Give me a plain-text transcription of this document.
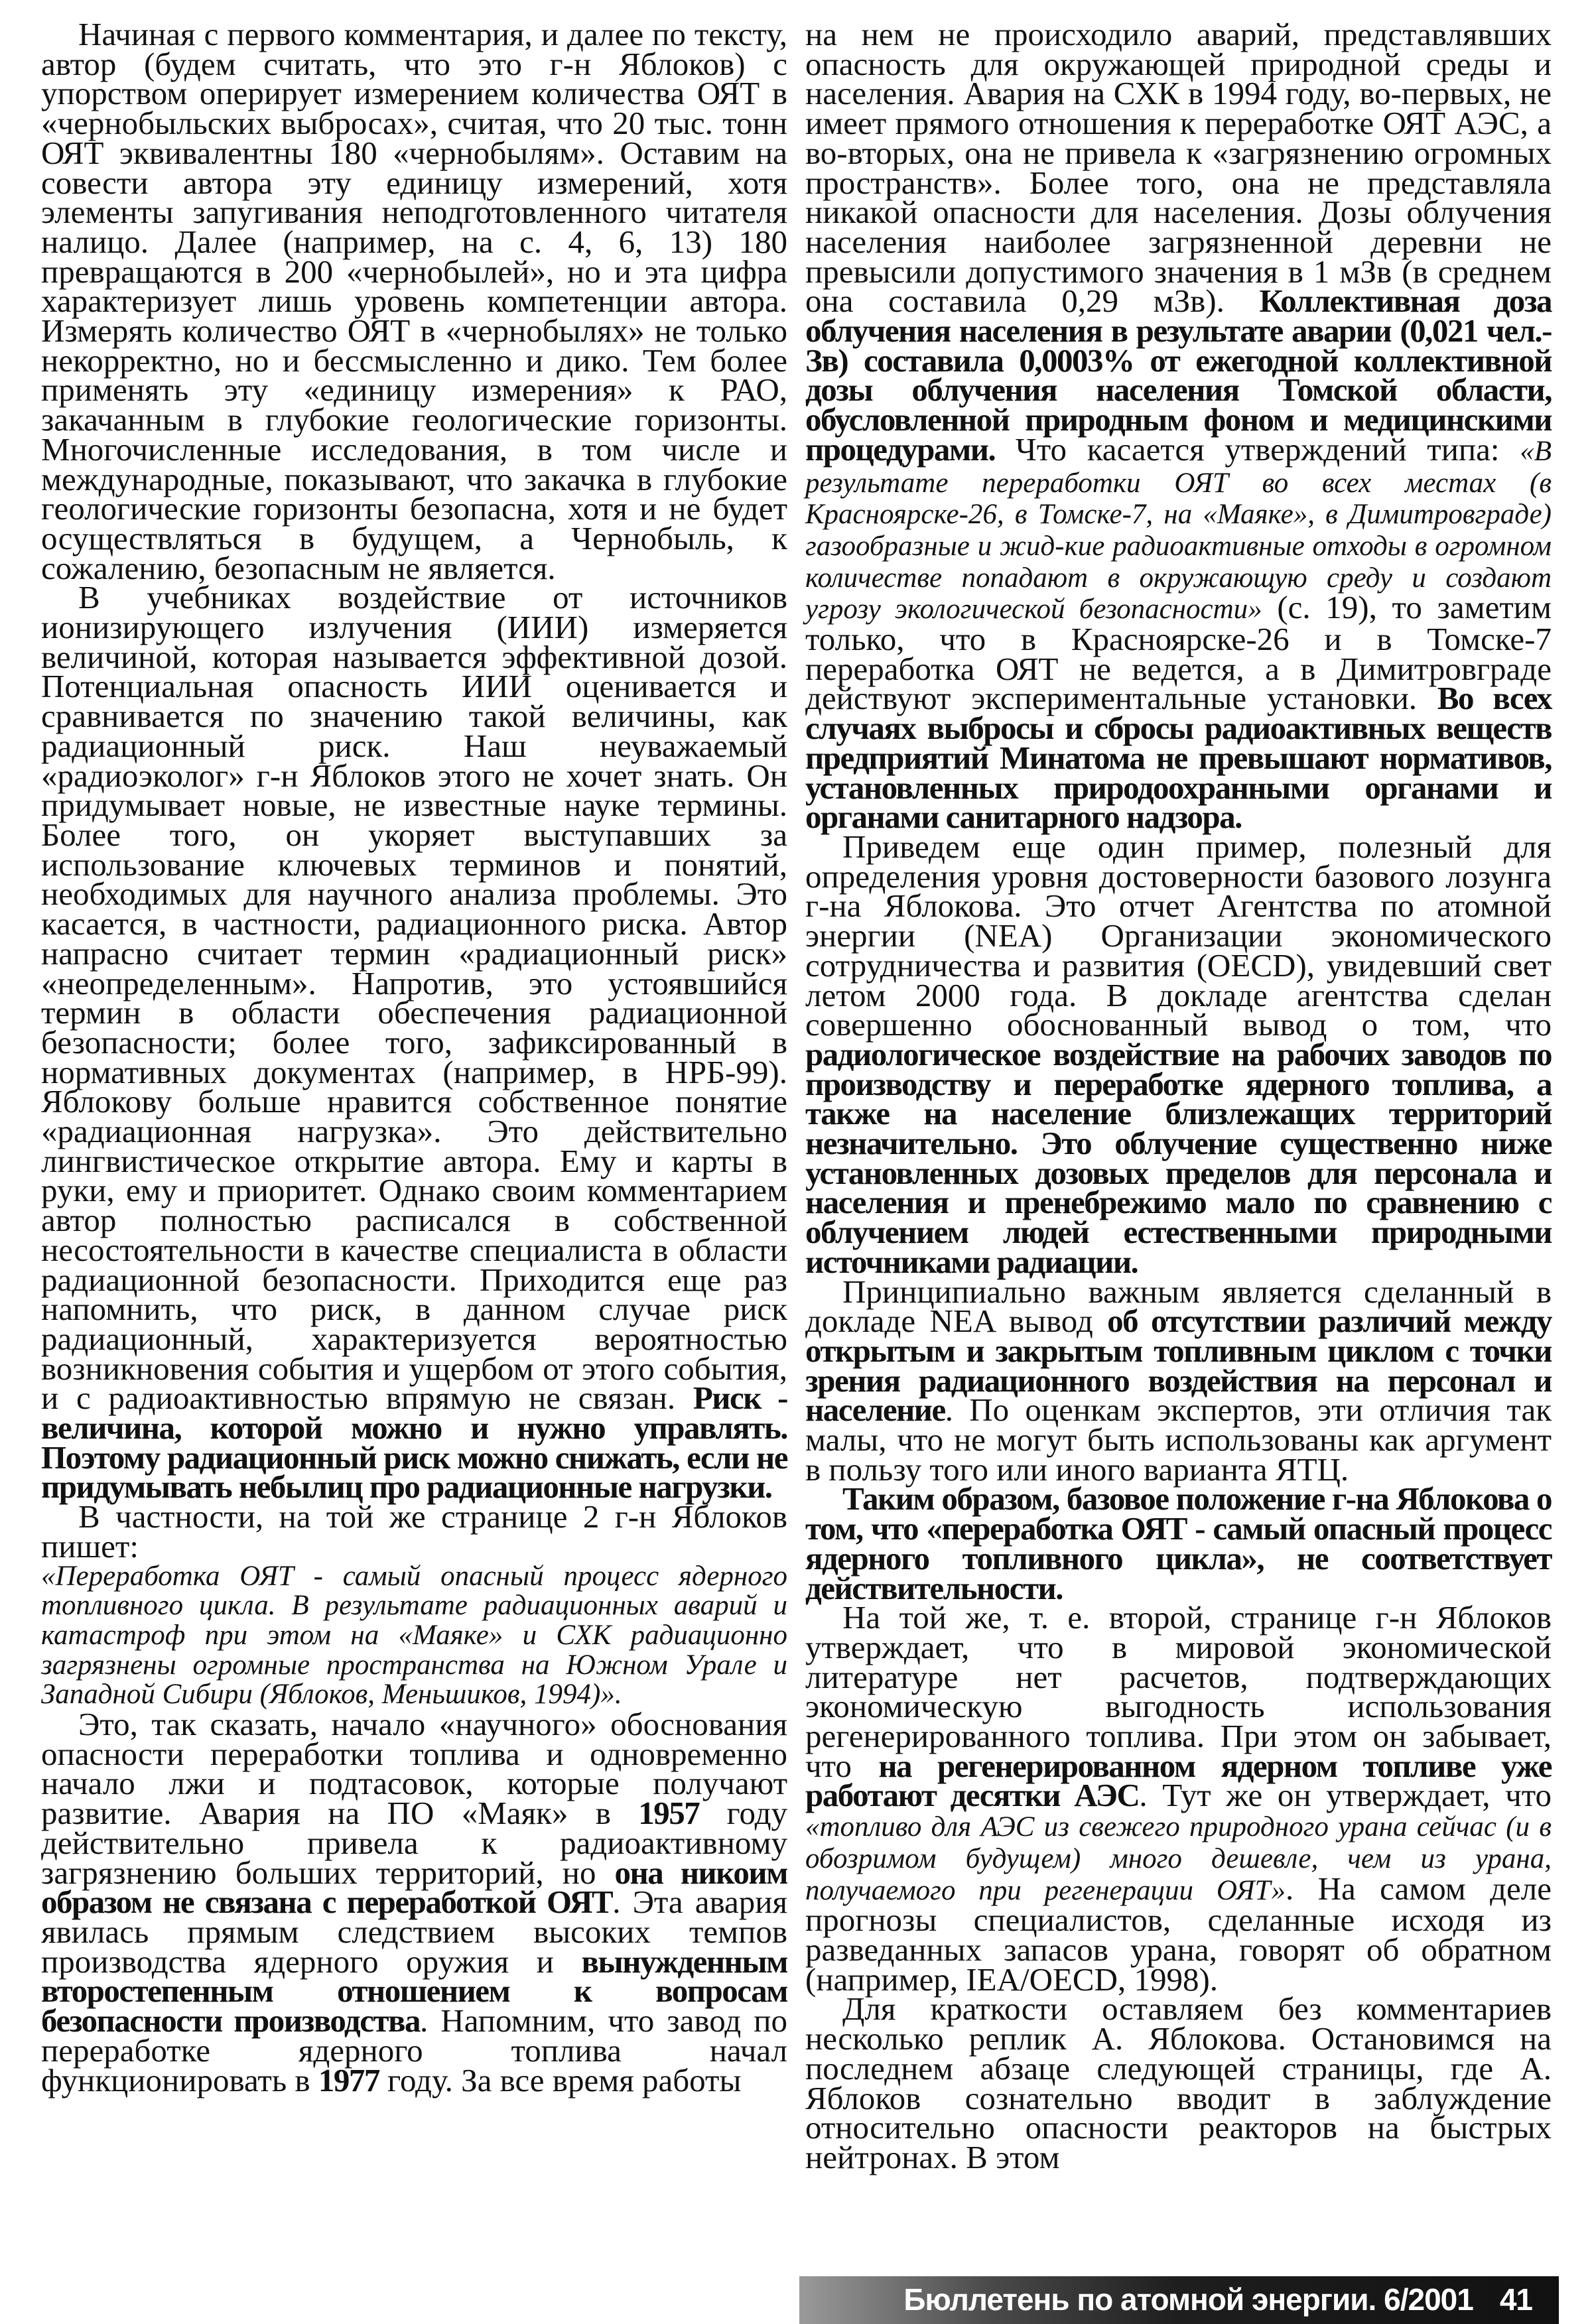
Начиная с первого комментария, и далее по тексту, автор (будем считать, что это г-н Яблоков) с упорством оперирует измерением количества ОЯТ в «чернобыльских выбросах», считая, что 20 тыс. тонн ОЯТ эквивалентны 180 «чернобылям». Оставим на совести автора эту единицу измерений, хотя элементы запугивания неподготовленного читателя налицо. Далее (например, на с. 4, 6, 13) 180 превращаются в 200 «чернобылей», но и эта цифра характеризует лишь уровень компетенции автора. Измерять количество ОЯТ в «чернобылях» не только некорректно, но и бессмысленно и дико. Тем более применять эту «единицу измерения» к РАО, закачанным в глубокие геологические горизонты. Многочисленные исследования, в том числе и международные, показывают, что закачка в глубокие геологические горизонты безопасна, хотя и не будет осуществляться в будущем, а Чернобыль, к сожалению, безопасным не является.

В учебниках воздействие от источников ионизирующего излучения (ИИИ) измеряется величиной, которая называется эффективной дозой. Потенциальная опасность ИИИ оценивается и сравнивается по значению такой величины, как радиационный риск. Наш неуважаемый «радиоэколог» г-н Яблоков этого не хочет знать. Он придумывает новые, не известные науке термины. Более того, он укоряет выступавших за использование ключевых терминов и понятий, необходимых для научного анализа проблемы. Это касается, в частности, радиационного риска. Автор напрасно считает термин «радиационный риск» «неопределенным». Напротив, это устоявшийся термин в области обеспечения радиационной безопасности; более того, зафиксированный в нормативных документах (например, в НРБ-99). Яблокову больше нравится собственное понятие «радиационная нагрузка». Это действительно лингвистическое открытие автора. Ему и карты в руки, ему и приоритет. Однако своим комментарием автор полностью расписался в собственной несостоятельности в качестве специалиста в области радиационной безопасности. Приходится еще раз напомнить, что риск, в данном случае риск радиационный, характеризуется вероятностью возникновения события и ущербом от этого события, и с радиоактивностью впрямую не связан. Риск - величина, которой можно и нужно управлять. Поэтому радиационный риск можно снижать, если не придумывать небылиц про радиационные нагрузки.

В частности, на той же странице 2 г-н Яблоков пишет:

«Переработка ОЯТ - самый опасный процесс ядерного топливного цикла. В результате радиационных аварий и катастроф при этом на «Маяке» и СХК радиационно загрязнены огромные пространства на Южном Урале и Западной Сибири (Яблоков, Меньшиков, 1994)».

Это, так сказать, начало «научного» обоснования опасности переработки топлива и одновременно начало лжи и подтасовок, которые получают развитие. Авария на ПО «Маяк» в 1957 году действительно привела к радиоактивному загрязнению больших территорий, но она никоим образом не связана с переработкой ОЯТ. Эта авария явилась прямым следствием высоких темпов производства ядерного оружия и вынужденным второстепенным отношением к вопросам безопасности производства. Напомним, что завод по переработке ядерного топлива начал функционировать в 1977 году. За все время работы

на нем не происходило аварий, представлявших опасность для окружающей природной среды и населения. Авария на СХК в 1994 году, во-первых, не имеет прямого отношения к переработке ОЯТ АЭС, а во-вторых, она не привела к «загрязнению огромных пространств». Более того, она не представляла никакой опасности для населения. Дозы облучения населения наиболее загрязненной деревни не превысили допустимого значения в 1 мЗв (в среднем она составила 0,29 мЗв). Коллективная доза облучения населения в результате аварии (0,021 чел.-Зв) составила 0,0003% от ежегодной коллективной дозы облучения населения Томской области, обусловленной природным фоном и медицинскими процедурами. Что касается утверждений типа: «В результате переработки ОЯТ во всех местах (в Красноярске-26, в Томске-7, на «Маяке», в Димитровграде) газообразные и жид-кие радиоактивные отходы в огромном количестве попадают в окружающую среду и создают угрозу экологической безопасности» (с. 19), то заметим только, что в Красноярске-26 и в Томске-7 переработка ОЯТ не ведется, а в Димитровграде действуют экспериментальные установки. Во всех случаях выбросы и сбросы радиоактивных веществ предприятий Минатома не превышают нормативов, установленных природоохранными органами и органами санитарного надзора.

Приведем еще один пример, полезный для определения уровня достоверности базового лозунга г-на Яблокова. Это отчет Агентства по атомной энергии (NEA) Организации экономического сотрудничества и развития (OECD), увидевший свет летом 2000 года. В докладе агентства сделан совершенно обоснованный вывод о том, что радиологическое воздействие на рабочих заводов по производству и переработке ядерного топлива, а также на население близлежащих территорий незначительно. Это облучение существенно ниже установленных дозовых пределов для персонала и населения и пренебрежимо мало по сравнению с облучением людей естественными природными источниками радиации.

Принципиально важным является сделанный в докладе NEA вывод об отсутствии различий между открытым и закрытым топливным циклом с точки зрения радиационного воздействия на персонал и население. По оценкам экспертов, эти отличия так малы, что не могут быть использованы как аргумент в пользу того или иного варианта ЯТЦ.

Таким образом, базовое положение г-на Яблокова о том, что «переработка ОЯТ - самый опасный процесс ядерного топливного цикла», не соответствует действительности.

На той же, т. е. второй, странице г-н Яблоков утверждает, что в мировой экономической литературе нет расчетов, подтверждающих экономическую выгодность использования регенерированного топлива. При этом он забывает, что на регенерированном ядерном топливе уже работают десятки АЭС. Тут же он утверждает, что «топливо для АЭС из свежего природного урана сейчас (и в обозримом будущем) много дешевле, чем из урана, получаемого при регенерации ОЯТ». На самом деле прогнозы специалистов, сделанные исходя из разведанных запасов урана, говорят об обратном (например, IEA/OECD, 1998).

Для краткости оставляем без комментариев несколько реплик А. Яблокова. Остановимся на последнем абзаце следующей страницы, где А. Яблоков сознательно вводит в заблуждение относительно опасности реакторов на быстрых нейтронах. В этом

Бюллетень по атомной энергии. 6/2001 41
